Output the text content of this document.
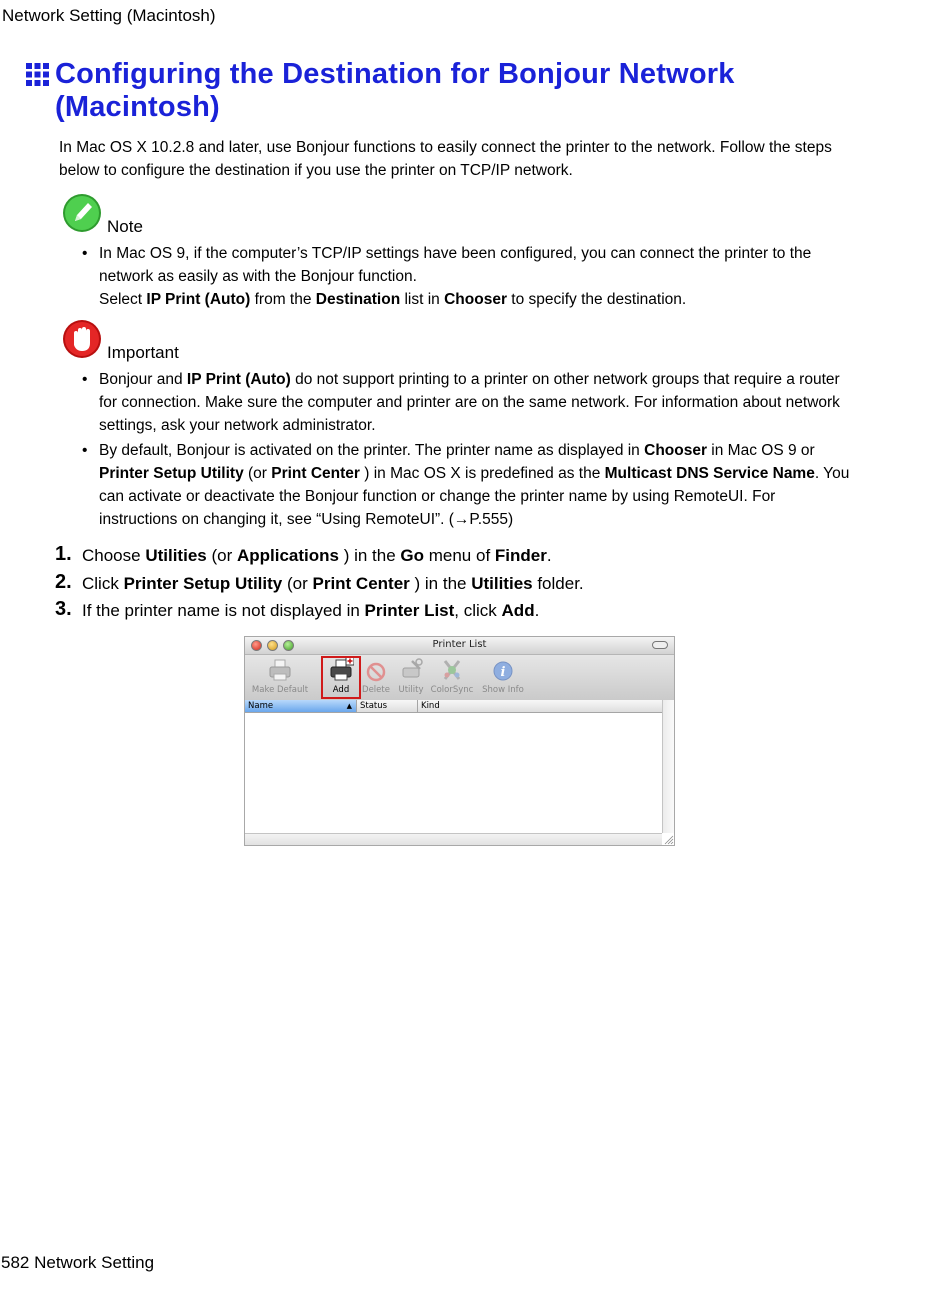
Network Setting (Macintosh)
Configuring the Destination for Bonjour Network (Macintosh)
In Mac OS X 10.2.8 and later, use Bonjour functions to easily connect the printer to the network. Follow the steps below to configure the destination if you use the printer on TCP/IP network.
Note
• In Mac OS 9, if the computer’s TCP/IP settings have been configured, you can connect the printer to the network as easily as with the Bonjour function.
Select IP Print (Auto) from the Destination list in Chooser to specify the destination.
Important
• Bonjour and IP Print (Auto) do not support printing to a printer on other network groups that require a router for connection. Make sure the computer and printer are on the same network. For information about network settings, ask your network administrator.
• By default, Bonjour is activated on the printer. The printer name as displayed in Chooser in Mac OS 9 or Printer Setup Utility (or Print Center ) in Mac OS X is predefined as the Multicast DNS Service Name. You can activate or deactivate the Bonjour function or change the printer name by using RemoteUI. For instructions on changing it, see “Using RemoteUI”. (→P.555)
1. Choose Utilities (or Applications ) in the Go menu of Finder.
2. Click Printer Setup Utility (or Print Center ) in the Utilities folder.
3. If the printer name is not displayed in Printer List, click Add.
Printer List
Make Default	Add	Delete	Utility ColorSync
i
Show Info
Name	▲ Status	Kind
582 Network Setting
